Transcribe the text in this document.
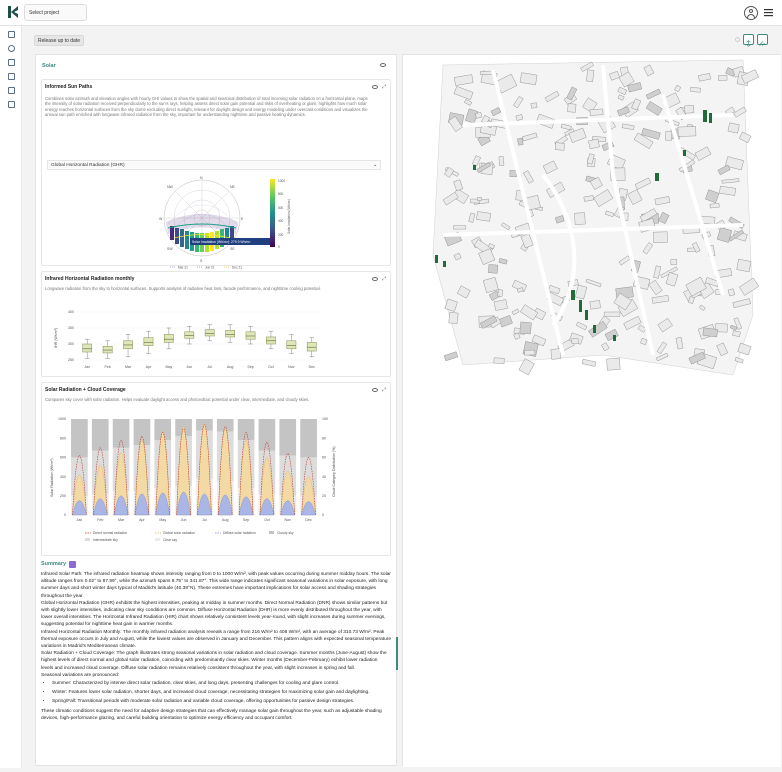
Select project
Release up to date
Solar
Informed Sun Paths	⤢
Combines solar azimuth and elevation angles with hourly GHI values to show the spatial and seasonal distribution of total incoming solar radiation on a horizontal plane, maps the intensity of solar radiation received perpendicularly to the sun's rays, helping assess direct solar gain potential and risks of overheating or glare, highlights how much solar energy reaches horizontal surfaces from the sky dome excluding direct sunlight, relevant for daylight design and energy modeling under overcast conditions and visualizes the annual sun path enriched with longwave infrared radiation from the sky, important for understanding nighttime and passive heating dynamics.
Global Horizontal Radiation (GHR)	⌄
Solar Irradiation (Wh/m²): 279.9 Wh/m²
N
NE
E
SE
S
SW
W
NW
1000
800
600
400
200
0
Solar Irradiation (Wh/m²)
Mar 21	Jun 21	Dec 21
Infrared Horizontal Radiation monthly	⤢
Longwave radiation from the sky to horizontal surfaces. Supports analysis of radiative heat loss, facade performance, and nighttime cooling potential.
400
350
300
250
IHR (Wh/m²)
Jan	Feb	Mar	Apr	May	Jun	Jul	Aug	Sep	Oct	Nov	Dec
Solar Radiation + Cloud Coverage	⤢
Compares sky cover with solar radiation. Helps evaluate daylight access and photovoltaic potential under clear, intermediate, and cloudy skies.
1000
800
600
400
200
0
100
80
60
40
20
0
Solar Radiation (Wh/m²)	Cloud Category Distribution (%)
Jan	Feb	Mar	Apr	May	Jun	Jul	Aug	Sep	Oct	Nov	Dec
Direct normal radiation	Global solar radiation	Diffuse solar radiation	Cloudy sky
Intermediate sky	Clear sky
Summary

Infrared Solar Path: The infrared radiation heatmap shows intensity ranging from 0 to 1000 W/m², with peak values occurring during summer midday hours. The solar altitude ranges from 0.02° to 87.99°, while the azimuth spans 8.75° to 341.87°. This wide range indicates significant seasonal variations in solar exposure, with long summer days and short winter days typical of Madrid's latitude (40.38°N). These extremes have important implications for solar access and shading strategies throughout the year.

Global Horizontal Radiation (GHR) exhibits the highest intensities, peaking at midday in summer months. Direct Normal Radiation (DNR) shows similar patterns but with slightly lower intensities, indicating clear sky conditions are common. Diffuse Horizontal Radiation (DHR) is more evenly distributed throughout the year, with lower overall intensities. The Horizontal Infrared Radiation (HIR) chart shows relatively consistent levels year-round, with slight increases during summer evenings, suggesting potential for nighttime heat gain in warmer months.

Infrared Horizontal Radiation Monthly: The monthly infrared radiation analysis reveals a range from 216 W/m² to 408 W/m², with an average of 310.73 W/m². Peak thermal exposure occurs in July and August, while the lowest values are observed in January and December. This pattern aligns with expected seasonal temperature variations in Madrid's Mediterranean climate.

Solar Radiation + Cloud Coverage: The graph illustrates strong seasonal variations in solar radiation and cloud coverage. Summer months (June-August) show the highest levels of direct normal and global solar radiation, coinciding with predominantly clear skies. Winter months (December-February) exhibit lower radiation levels and increased cloud coverage. Diffuse solar radiation remains relatively consistent throughout the year, with slight increases in spring and fall.

Seasonal variations are pronounced:

• Summer: Characterized by intense direct solar radiation, clear skies, and long days, presenting challenges for cooling and glare control.
• Winter: Features lower solar radiation, shorter days, and increased cloud coverage, necessitating strategies for maximizing solar gain and daylighting.
• Spring/Fall: Transitional periods with moderate solar radiation and variable cloud coverage, offering opportunities for passive design strategies.

These climatic conditions suggest the need for adaptive design strategies that can effectively manage solar gain throughout the year, such as adjustable shading devices, high-performance glazing, and careful building orientation to optimize energy efficiency and occupant comfort.
